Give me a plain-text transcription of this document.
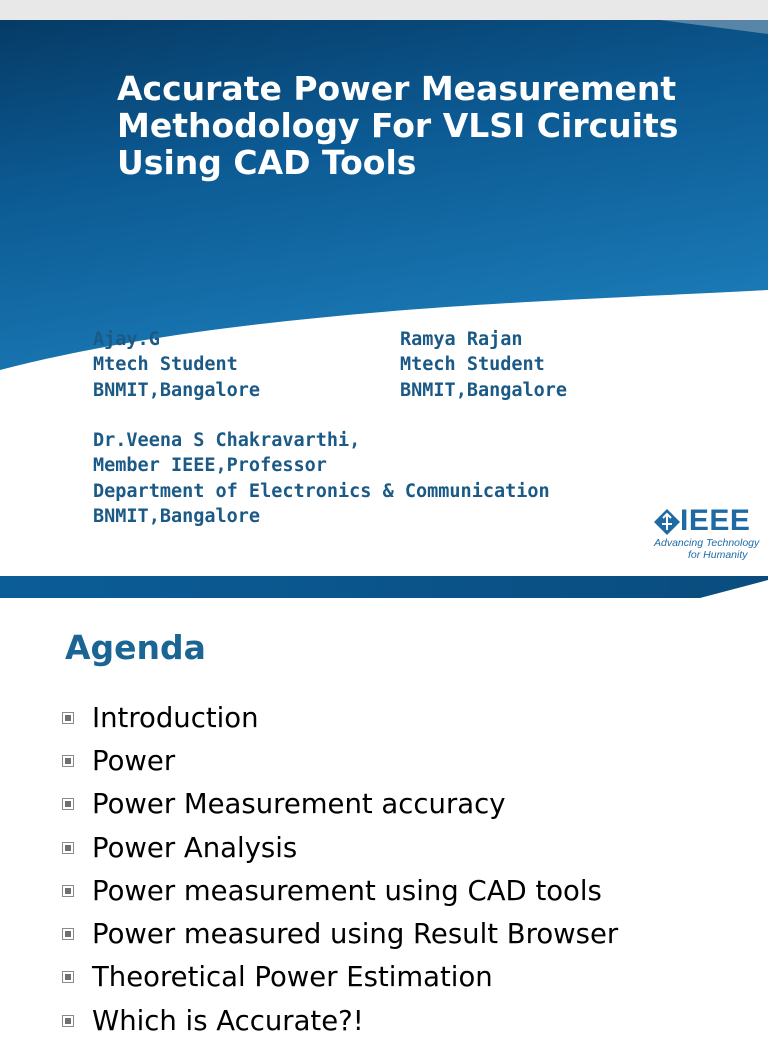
Accurate Power Measurement
Methodology For VLSI Circuits
Using CAD Tools
Ajay.G
Mtech Student
BNMIT,Bangalore
Ramya Rajan
Mtech Student
BNMIT,Bangalore
Dr.Veena S Chakravarthi,
Member IEEE,Professor
Department of Electronics & Communication
BNMIT,Bangalore	IEEE
Advancing Technology
for Humanity
Agenda
Introduction
Power
Power Measurement accuracy
Power Analysis
Power measurement using CAD tools
Power measured using Result Browser
Theoretical Power Estimation
Which is Accurate?!
